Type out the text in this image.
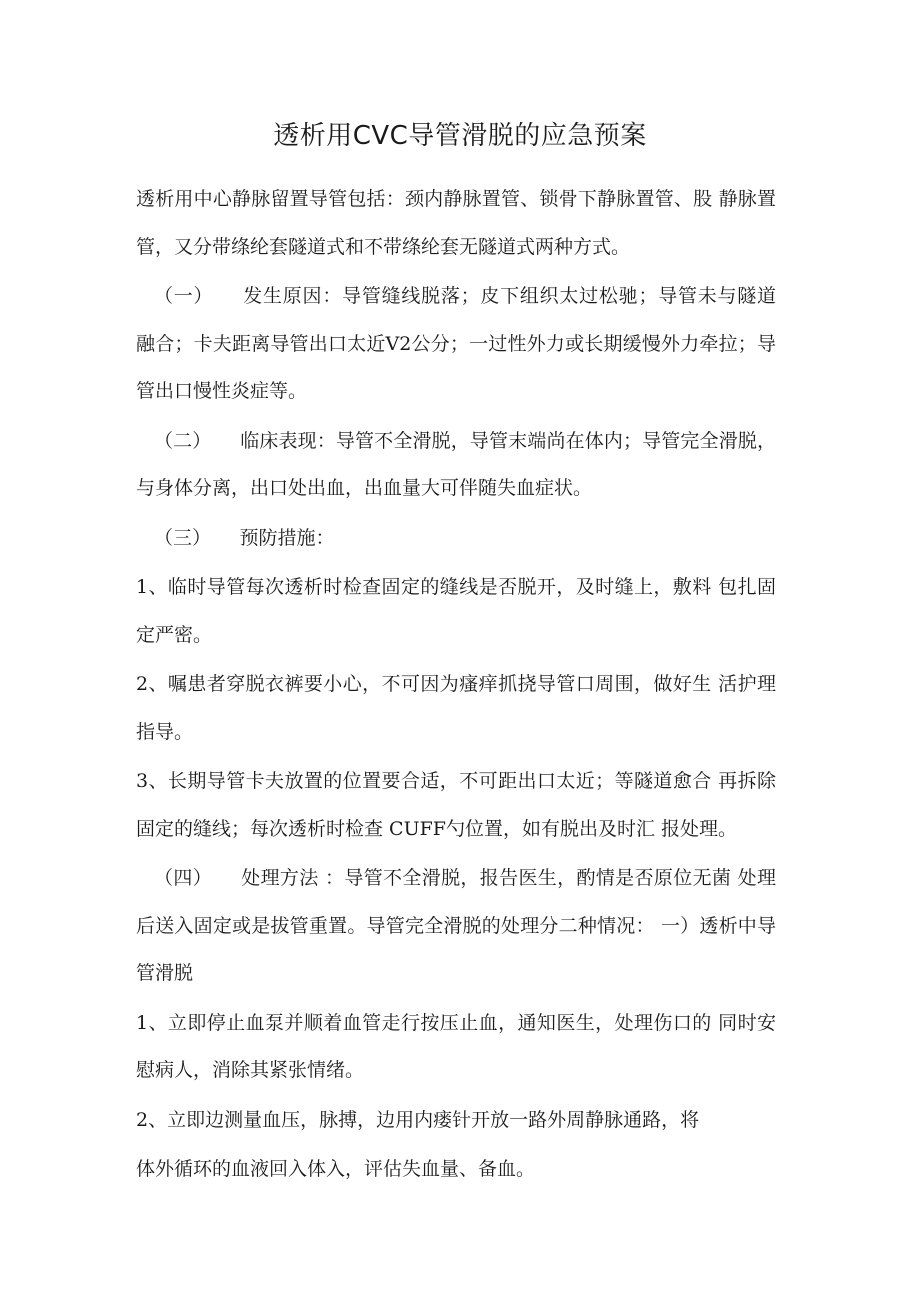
透析用CVC导管滑脱的应急预案

透析用中心静脉留置导管包括：颈内静脉置管、锁骨下静脉置管、股 静脉置管，又分带绦纶套隧道式和不带绦纶套无隧道式两种方式。

（一）　　发生原因：导管缝线脱落；皮下组织太过松驰；导管未与隧道 融合；卡夫距离导管出口太近V2公分；一过性外力或长期缓慢外力牵拉；导管出口慢性炎症等。

（二）　　临床表现：导管不全滑脱，导管末端尚在体内；导管完全滑脱，与身体分离，出口处出血，出血量大可伴随失血症状。

（三）　　预防措施：

1、临时导管每次透析时检查固定的缝线是否脱开，及时缝上，敷料 包扎固定严密。

2、嘱患者穿脱衣裤要小心，不可因为瘙痒抓挠导管口周围，做好生 活护理指导。

3、长期导管卡夫放置的位置要合适，不可距出口太近；等隧道愈合 再拆除固定的缝线；每次透析时检查 CUFF勺位置，如有脱出及时汇 报处理。

（四）　　处理方法 ：导管不全滑脱，报告医生，酌情是否原位无菌 处理后送入固定或是拔管重置。导管完全滑脱的处理分二种情况： 一）透析中导管滑脱

1、立即停止血泵并顺着血管走行按压止血，通知医生，处理伤口的 同时安慰病人，消除其紧张情绪。

2、立即边测量血压，脉搏，边用内瘘针开放一路外周静脉通路，将

体外循环的血液回入体入，评估失血量、备血。
